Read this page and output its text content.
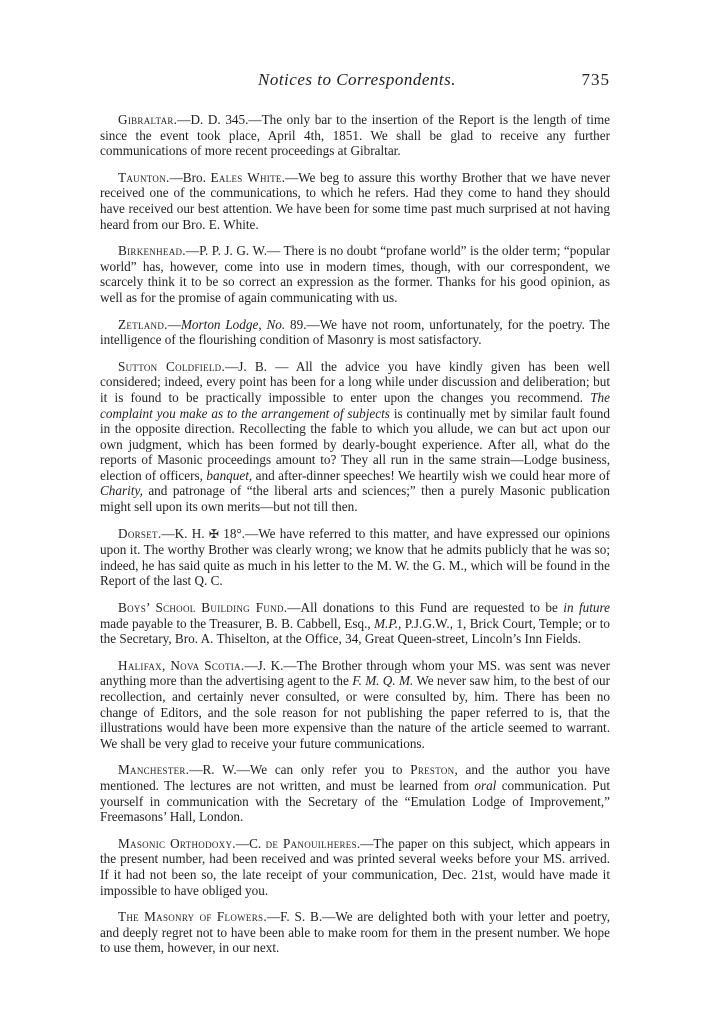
Notices to Correspondents.	735

Gibraltar.—D. D. 345.—The only bar to the insertion of the Report is the length of time since the event took place, April 4th, 1851. We shall be glad to receive any further communications of more recent proceedings at Gibraltar.

Taunton.—Bro. Eales White.—We beg to assure this worthy Brother that we have never received one of the communications, to which he refers. Had they come to hand they should have received our best attention. We have been for some time past much surprised at not having heard from our Bro. E. White.

Birkenhead.—P. P. J. G. W.— There is no doubt “profane world” is the older term; “popular world” has, however, come into use in modern times, though, with our correspondent, we scarcely think it to be so correct an expression as the former. Thanks for his good opinion, as well as for the promise of again communicating with us.

Zetland.—Morton Lodge, No. 89.—We have not room, unfortunately, for the poetry. The intelligence of the flourishing condition of Masonry is most satisfactory.

Sutton Coldfield.—J. B. — All the advice you have kindly given has been well considered; indeed, every point has been for a long while under discussion and deliberation; but it is found to be practically impossible to enter upon the changes you recommend. The complaint you make as to the arrangement of subjects is continually met by similar fault found in the opposite direction. Recollecting the fable to which you allude, we can but act upon our own judgment, which has been formed by dearly-bought experience. After all, what do the reports of Masonic proceedings amount to? They all run in the same strain—Lodge business, election of officers, banquet, and after-dinner speeches! We heartily wish we could hear more of Charity, and patronage of “the liberal arts and sciences;” then a purely Masonic publication might sell upon its own merits—but not till then.

Dorset.—K. H. ✠ 18°.—We have referred to this matter, and have expressed our opinions upon it. The worthy Brother was clearly wrong; we know that he admits publicly that he was so; indeed, he has said quite as much in his letter to the M. W. the G. M., which will be found in the Report of the last Q. C.

Boys’ School Building Fund.—All donations to this Fund are requested to be in future made payable to the Treasurer, B. B. Cabbell, Esq., M.P., P.J.G.W., 1, Brick Court, Temple; or to the Secretary, Bro. A. Thiselton, at the Office, 34, Great Queen-street, Lincoln’s Inn Fields.

Halifax, Nova Scotia.—J. K.—The Brother through whom your MS. was sent was never anything more than the advertising agent to the F. M. Q. M. We never saw him, to the best of our recollection, and certainly never consulted, or were consulted by, him. There has been no change of Editors, and the sole reason for not publishing the paper referred to is, that the illustrations would have been more expensive than the nature of the article seemed to warrant. We shall be very glad to receive your future communications.

Manchester.—R. W.—We can only refer you to Preston, and the author you have mentioned. The lectures are not written, and must be learned from oral communication. Put yourself in communication with the Secretary of the “Emulation Lodge of Improvement,” Freemasons’ Hall, London.

Masonic Orthodoxy.—C. de Panouilheres.—The paper on this subject, which appears in the present number, had been received and was printed several weeks before your MS. arrived. If it had not been so, the late receipt of your communication, Dec. 21st, would have made it impossible to have obliged you.

The Masonry of Flowers.—F. S. B.—We are delighted both with your letter and poetry, and deeply regret not to have been able to make room for them in the present number. We hope to use them, however, in our next.
